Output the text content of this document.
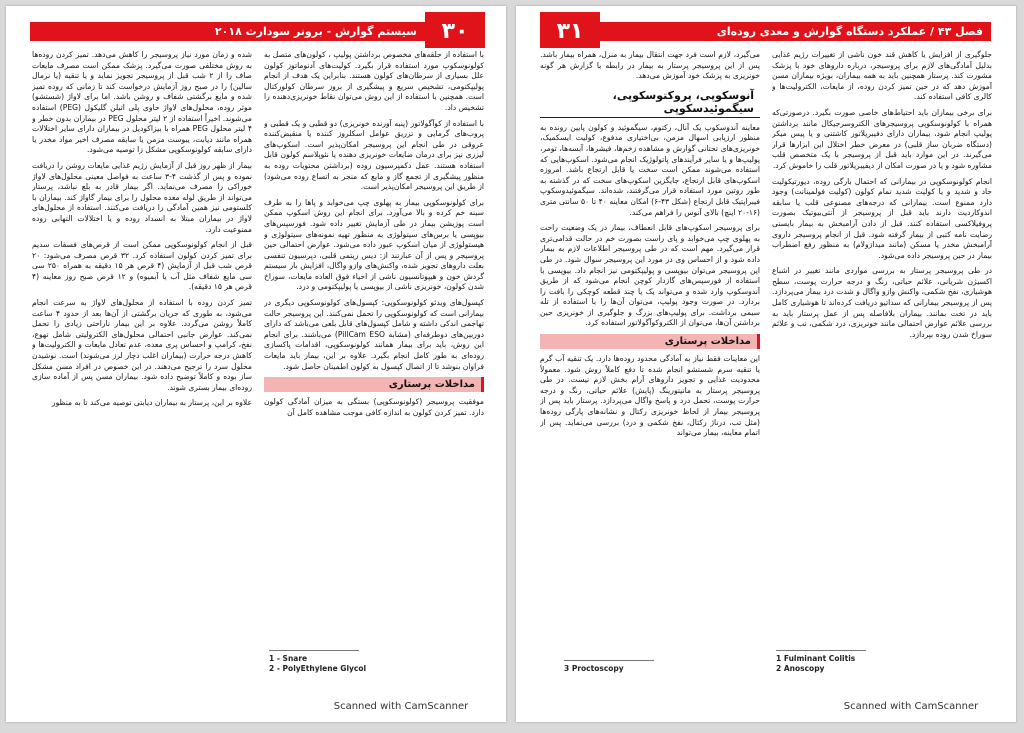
سیستم گوارش - برونر سودارث ۲۰۱۸	۳۰

شده و زمان مورد نیاز پروسیجر را کاهش می‌دهد. تمیز کردن روده‌ها به روش مختلفی صورت می‌گیرد. پزشک ممکن است مصرف مایعات صاف را از ۲ شب قبل از پروسیجر تجویز نماید و یا تنقیه (یا نرمال سالین) را در صبح روز آزمایش درخواست کند تا زمانی که روده تمیز شده و مایع برگشتی شفاف و روشن باشد. اما برای لاواژ (شستشو) موثر روده، محلول‌های لاواژ حاوی پلی اتیلن گلیکول (PEG) استفاده می‌شوند. اخیراً استفاده از ۲ لیتر محلول PEG در بیماران بدون خطر و ۴ لیتر محلول PEG همراه با بیزاکودیل در بیماران دارای سایر اختلالات همراه مانند دیابت، یبوست مزمن یا سابقه مصرف اخیر مواد مخدر یا دارای سابقه کولونوسکوپی مشکل زا توصیه می‌شود.

بیمار از ظهر روز قبل از آزمایش رژیم غذایی مایعات روشن را دریافت نموده و پس از گذشت ۴-۳ ساعت به فواصل معینی محلول‌های لاواژ خوراکی را مصرف می‌نماید. اگر بیمار قادر به بلع نباشد، پرستار می‌تواند از طریق لوله معده محلول را برای بیمار گاواژ کند. بیماران با کلستومی نیز همین آمادگی را دریافت می‌کنند. استفاده از محلول‌های لاواژ در بیماران مبتلا به انسداد روده و یا اختلالات التهابی روده ممنوعیت دارد.

قبل از انجام کولونوسکوپی ممکن است از قرص‌های فسفات سدیم برای تمیز کردن کولون استفاده کرد. ۳۲ قرص مصرف می‌شود: ۲۰ قرص شب قبل از آزمایش (۴ قرص هر ۱۵ دقیقه به همراه ۲۵۰ سی سی مایع شفاف مثل آب یا آبمیوه) و ۱۲ قرص صبح روز معاینه (۴ قرص هر ۱۵ دقیقه).

تمیز کردن روده با استفاده از محلول‌های لاواژ به سرعت انجام می‌شود، به طوری که جریان برگشتی از آن‌ها بعد از حدود ۴ ساعت کاملاً روشن می‌گردد. علاوه بر این بیمار ناراحتی زیادی را تحمل نمی‌کند. عوارض جانبی احتمالی محلول‌های الکترولیتی شامل تهوع، نفخ، کرامپ و احساس پری معده، عدم تعادل مایعات و الکترولیت‌ها و کاهش درجه حرارت (بیماران اغلب دچار لرز می‌شوند) است. نوشیدن محلول سرد را ترجیح می‌دهند. در این خصوص در افراد مسن مشکل ساز بوده و کاملاً توضیح داده شود. بیماران مسن پس از آماده سازی روده‌ای بیمار بستری شوند.

علاوه بر این، پرستار به بیماران دیابتی توصیه می‌کند تا به منظور

با استفاده از حلقه‌های مخصوص برداشتن پولیپ ، کولون‌های متصل به کولونوسکوپ مورد استفاده قرار بگیرد. کولیت‌های آدنوماتوز کولون علل بسیاری از سرطان‌های کولون هستند. بنابراین یک هدف از انجام پولیپکتومی، تشخیص سریع و پیشگیری از بروز سرطان کولورکتال است. همچنین با استفاده از این روش می‌توان نقاط خونریزی‌دهنده را تشخیص داد.

با استفاده از کوآگولاتور (پنبه آورنده خونریزی) دو قطبی و یک قطبی و پروب‌های گرمایی و تزریق عوامل اسکلروز کننده یا منقبض‌کننده عروقی در طی انجام این پروسیجر امکان‌پذیر است. اسکوپ‌های لیزری نیز برای درمان ضایعات خونریزی دهنده یا نئوپلاسم کولون قابل استفاده هستند. عمل دکمپرسیون روده (برداشتن محتویات روده به منظور پیشگیری از تجمع گاز و مایع که منجر به اتساع روده می‌شود) از طریق این پروسیجر امکان‌پذیر است.

برای کولونوسکوپی بیمار به پهلوی چپ می‌خوابد و پاها را به طرف سینه خم کرده و بالا می‌آورد. برای انجام این روش اسکوپ ممکن است پوزیشن بیمار در طی آزمایش تغییر داده شود. فورسپس‌های بیوپسی یا برس‌های سیتولوژی به منظور تهیه نمونه‌های سیتولوژی و هیستولوژی از میان اسکوپ عبور داده می‌شود. عوارض احتمالی حین پروسیجر و پس از آن عبارتند از: دیس ریتمی قلبی، دپرسیون تنفسی بعلت داروهای تجویز شده، واکنش‌های وازو واگال، افزایش بار سیستم گردش خون و هیپوتانسیون ناشی از احیاء فوق العاده مایعات، سوراخ شدن کولون، خونریزی ناشی از بیوپسی یا پولیپکتومی و درد.

کپسول‌های ویدئو کولونوسکوپی: کپسول‌های کولونوسکوپی دیگری در بیمارانی است که کولونوسکوپی را تحمل نمی‌کنند. این پروسیجر حالت تهاجمی اندکی داشته و شامل کپسول‌های قابل بلعی می‌باشد که دارای دوربین‌های دوطرفه‌ای (مشابه PillCam ESO) می‌باشند. برای انجام این روش، باید برای بیمار همانند کولونوسکوپی، اقدامات پاکسازی روده‌ای به طور کامل انجام بگیرد. علاوه بر این، بیمار باید مایعات فراوان بنوشد تا از اتصال کپسول به کولون اطمینان حاصل شود.

مداخلات پرستاری

موفقیت پروسیجر (کولونوسکوپی) بستگی به میزان آمادگی کولون دارد. تمیز کردن کولون به اندازه کافی موجب مشاهده کامل آن

1 - Snare
2 - PolyEthylene Glycol
Scanned with CamScanner
فصل ۴۳ / عملکرد دستگاه گوارش و معدی روده‌ای
۳۱

می‌گیرد، لازم است فرد جهت انتقال بیمار به منزل، همراه بیمار باشد. پس از این پروسیجر پرستار به بیمار در رابطه با گزارش هر گونه خونریزی به پزشک خود آموزش می‌دهد.

آنوسکوپی، پروکتوسکوپی، سیگموئیدسکوپی

معاینه آندوسکوپ یک آنال، رکتوم، سیگموئید و کولون پایین رونده به منظور ارزیابی اسهال مزمن، بی‌اختیاری مدفوع، کولیت ایسکمیک، خونریزی‌های تحتانی گوارش و مشاهده زخم‌ها، فیشرها، آبسه‌ها، تومر، پولیپ‌ها و یا سایر فرآیندهای پاتولوژیک انجام می‌شود. اسکوپ‌هایی که استفاده می‌شوند ممکن است سخت یا قابل ارتجاع باشد. امروزه اسکوپ‌های قابل ارتجاع، جایگزین اسکوپ‌های سخت که در گذشته به طور روتین مورد استفاده قرار می‌گرفتند، شده‌اند. سیگموئیدوسکوپ فیبراپتیک قابل ارتجاع (شکل ۴۳-۶) امکان معاینه ۴۰ تا ۵۰ سانتی متری (۱۶-۲۰ اینچ) بالای آنوس را فراهم می‌کند.

برای پروسیجر اسکوپ‌های قابل انعطاف، بیمار در یک وضعیت راحت به پهلوی چپ می‌خوابد و پای راست بصورت خم در حالت قدامی‌تری قرار می‌گیرد. مهم است که در طی پروسیجر اطلاعات لازم به بیمار داده شود و از احساس وی در مورد این پروسیجر سوال شود. در طی این پروسیجر می‌توان بیوپسی و پولیپکتومی نیز انجام داد. بیوپسی با استفاده از فورسپس‌های گازدار کوچن انجام می‌شود که از طریق آندوسکوپ وارد شده و می‌تواند یک یا چند قطعه کوچکی را بافت را بردارد. در صورت وجود پولیپ، می‌توان آن‌ها را با استفاده از تله سیمی برداشت. برای پولیپ‌های بزرگ و جلوگیری از خونریزی حین برداشتن آن‌ها، می‌توان از الکتروکوآگولاتور استفاده کرد.

مداخلات پرستاری

این معاینات فقط نیاز به آمادگی محدود روده‌ها دارد. یک تنقیه آب گرم یا تنقیه سرم شستشو انجام شده تا دفع کاملاً روش شود. معمولاً محدودیت غذایی و تجویز داروهای آرام بخش لازم نیست. در طی پروسیجر پرستار به مانیتورینگ (پایش) علائم حیاتی، رنگ و درجه حرارت پوست، تحمل درد و پاسخ واگال می‌پردازد. پرستار باید پس از پروسیجر بیمار از لحاظ خونریزی رکتال و نشانه‌های پارگی روده‌ها (مثل تب، درناژ رکتال، نفخ شکمی و درد) بررسی می‌نماید. پس از اتمام معاینه، بیمار می‌تواند

جلوگیری از افزایش یا کاهش قند خون ناشی از تغییرات رژیم غذایی بدلیل آمادگی‌های لازم برای پروسیجر، درباره داروهای خود با پزشک مشورت کند. پرستار همچنین باید به همه بیماران، بویژه بیماران مسن آموزش دهد که در حین تمیز کردن روده، از مایعات، الکترولیت‌ها و کالری کافی استفاده کند.

برای برخی بیماران باید احتیاط‌های خاصی صورت بگیرد. درصورتی‌که همراه با کولونوسکوپی پروسیجرهای الکتروسرجیکال مانند برداشتن پولیپ انجام شود، بیماران دارای دفیبریلاتور کاشتنی و یا پیس میکر (دستگاه ضربان ساز قلبی) در معرض خطر اختلال این ابزارها قرار می‌گیرند. در این موارد باید قبل از پروسیجر با یک متخصص قلب مشاوره شود و یا در صورت امکان از دیفیبریلاتور قلب را خاموش کرد.

انجام کولونوسکوپی در بیمارانی که احتمال بارگی روده، دیورتیکولیت حاد و شدید و یا کولیت شدید تمام کولون (کولیت فولمینانت) وجود دارد ممنوع است. بیمارانی که درجه‌های مصنوعی قلب یا سابقه اندوکاردیت دارند باید قبل از پروسیجر از آنتی‌بیوتیک بصورت پروفیلاکسی استفاده کنند. قبل از دادن آرامبخش به بیمار بایستی رضایت نامه کتبی از بیمار گرفته شود. قبل از انجام پروسیجر داروی آرامبخش مخدر یا مسکن (مانند میدازولام) به منظور رفع اضطراب بیمار در حین پروسیجر داده می‌شود.

در طی پروسیجر پرستار به بررسی مواردی مانند تغییر در اشباع اکسیژن شریانی، علائم حیاتی، رنگ و درجه حرارت پوست، سطح هوشیاری، نفخ شکمی، واکنش وازو واگال و شدت درد بیمار می‌پردازد. پس از پروسیجر بیمارانی که سداتیو دریافت کرده‌اند تا هوشیاری کامل باید در تخت بمانند. بیماران بلافاصله پس از عمل پرستار باید به بررسی علائم عوارض احتمالی مانند خونریزی، درد شکمی، تب و علائم سوراخ شدن روده بپردازد.

1 Fulminant Colitis
2 Anoscopy
3 Proctoscopy
Scanned with CamScanner
